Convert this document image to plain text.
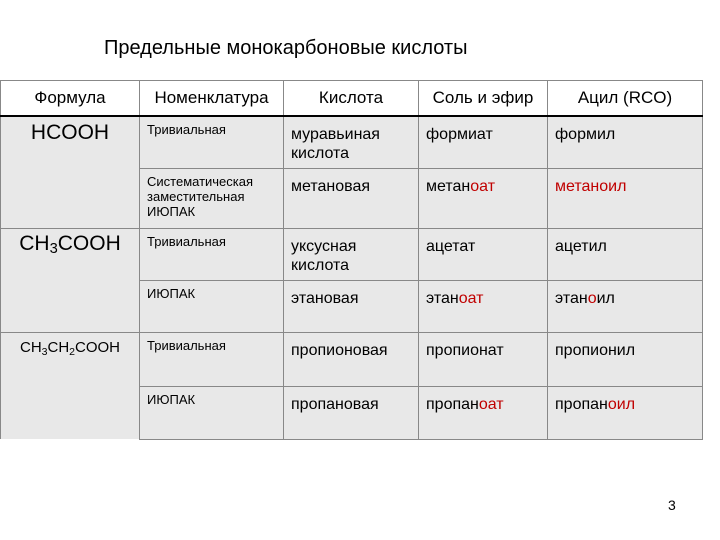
Предельные монокарбоновые кислоты
Формула	Номенклатура	Кислота	Соль и эфир	Ацил (RCO)
HCOOH	Тривиальная	муравьиная кислота	формиат	формил
	Систематическая заместительная ИЮПАК	метановая	метаноат	метаноил
$CH_3COOH$	Тривиальная	уксусная кислота	ацетат	ацетил
	ИЮПАК	этановая	этаноат	этаноил
$CH_3CH_2COOH$	Тривиальная	пропионовая	пропионат	пропионил
	ИЮПАК	пропановая	пропаноат	пропаноил
3
